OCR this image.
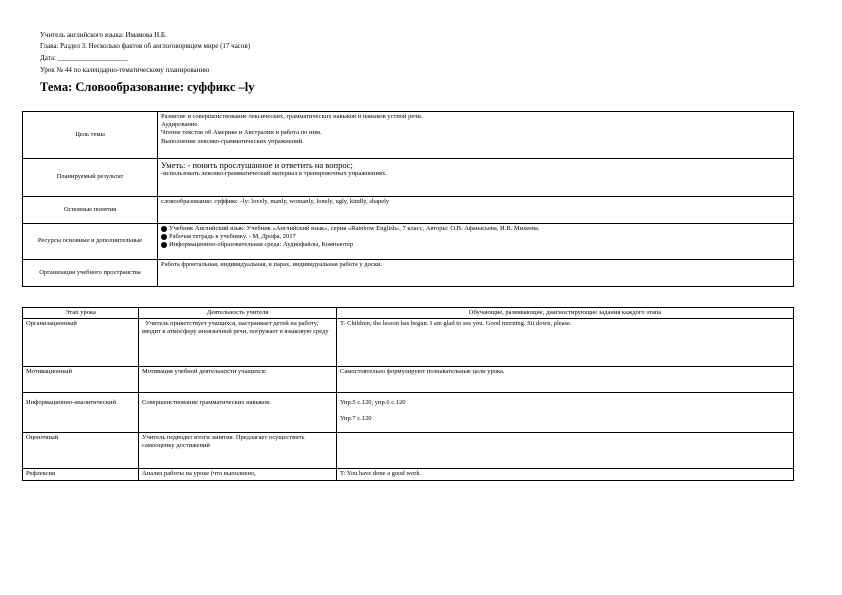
Учитель английского языка: Имамова Н.Б.
Глава: Раздел 3. Несколько фактов об англоговорящем мире (17 часов)
Дата: ____________________
Урок № 44 по календарно-тематическому планированию
Тема: Словообразование: суффикс –ly
Цель темы	Развитие и совершенствование лексических, грамматических навыков и навыков устной речи.
Аудирование.
Чтение текстов об Америке и Австралии и работа по ним.
Выполнение лексико-грамматических упражнений.

Планируемый результат	Уметь: - понять прослушанное и ответить на вопрос;
-использовать лексико-грамматический материал в тренировочных упражнениях.

Основные понятия	словообразование: суффикс –ly: lovely, manly, womanly, lonely, ugly, kindly, shapely

Ресурсы основные и дополнительные	Учебник Английский язык: Учебник «Английский язык», серия «Rainbow English», 7 класс, Авторы: О.В. Афанасьева, И.В. Михеева.
Рабочая тетрадь к учебнику. - М, Дрофа, 2017
Информационно-образовательная среда: Аудиофайлы, Компьютер

Организация учебного пространства	Работа фронтальная, индивидуальная, в парах, индивидуальная работа у доски.
Этап урока	Деятельность учителя	Обучающие, развивающие, диагностирующие задания каждого этапа
Организационный	Учитель приветствует учащихся, настраивает детей на работу; вводит в атмосферу иноязычной речи, погружает в языковую среду	T- Children, the lesson has begun. I am glad to see you. Good morning. Sit down, please.

Мотивационный	Мотивация учебной деятельности учащихся:	Самостоятельно формулируют познавательные цели урока.

Информационно-аналитический	Совершенствование грамматических навыков.	Упр.5 с.120, упр.6 с.120
Упр.7 с.120

Оценочный	Учитель подводит итоги занятия. Предлагает осуществить самооценку достижений	
Рефлексия	Анализ работы на уроке (что выполнено,	T: You have done a good work.
